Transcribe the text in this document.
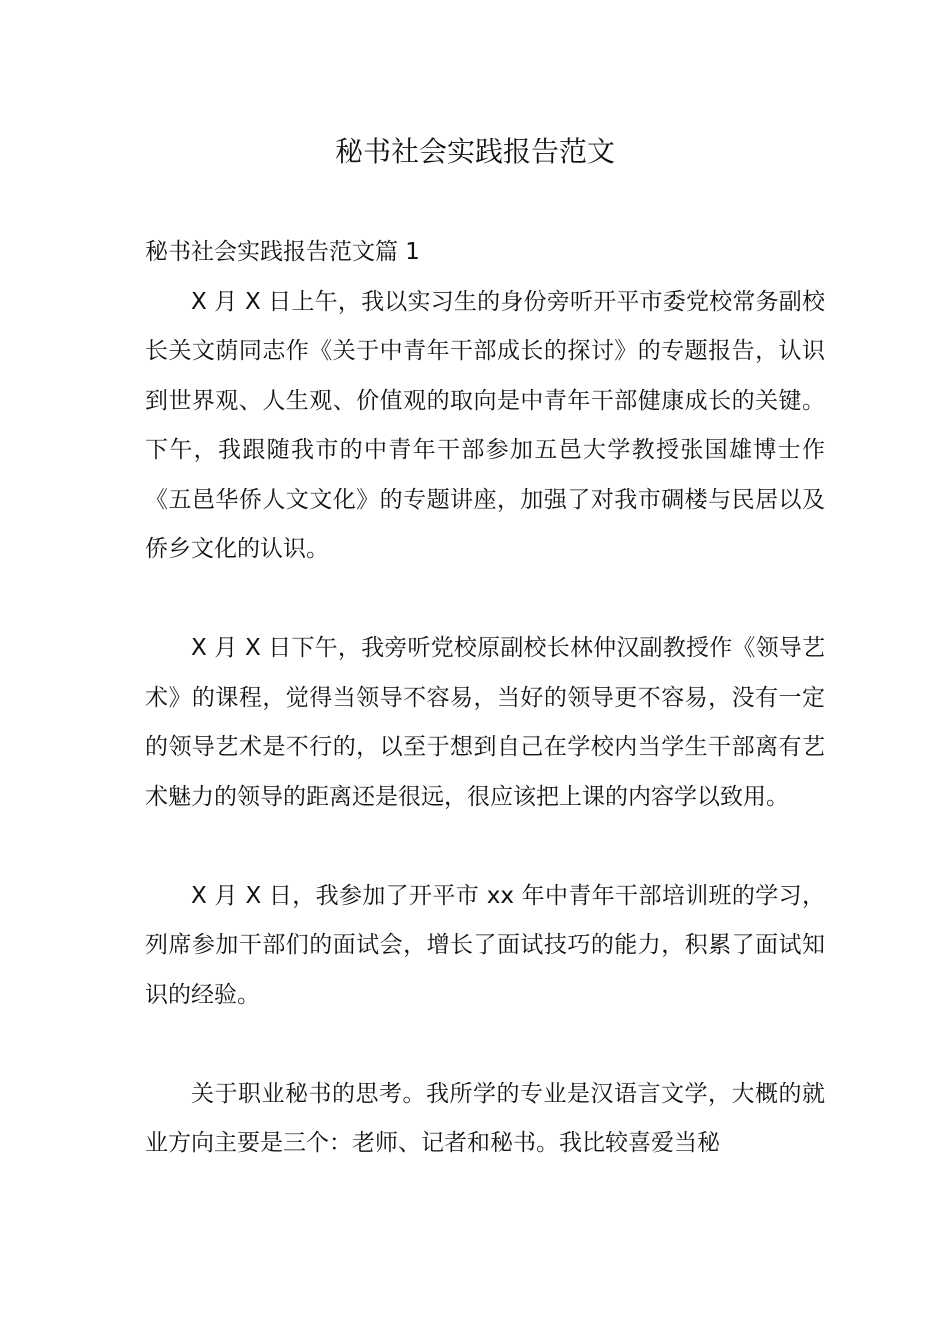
秘书社会实践报告范文

秘书社会实践报告范文篇 1

X 月 X 日上午，我以实习生的身份旁听开平市委党校常务副校长关文荫同志作《关于中青年干部成长的探讨》的专题报告，认识到世界观、人生观、价值观的取向是中青年干部健康成长的关键。下午，我跟随我市的中青年干部参加五邑大学教授张国雄博士作《五邑华侨人文文化》的专题讲座，加强了对我市碉楼与民居以及侨乡文化的认识。

X 月 X 日下午，我旁听党校原副校长林仲汉副教授作《领导艺术》的课程，觉得当领导不容易，当好的领导更不容易，没有一定的领导艺术是不行的，以至于想到自己在学校内当学生干部离有艺术魅力的领导的距离还是很远，很应该把上课的内容学以致用。

X 月 X 日，我参加了开平市 xx 年中青年干部培训班的学习，列席参加干部们的面试会，增长了面试技巧的能力，积累了面试知识的经验。

关于职业秘书的思考。我所学的专业是汉语言文学，大概的就业方向主要是三个：老师、记者和秘书。我比较喜爱当秘
